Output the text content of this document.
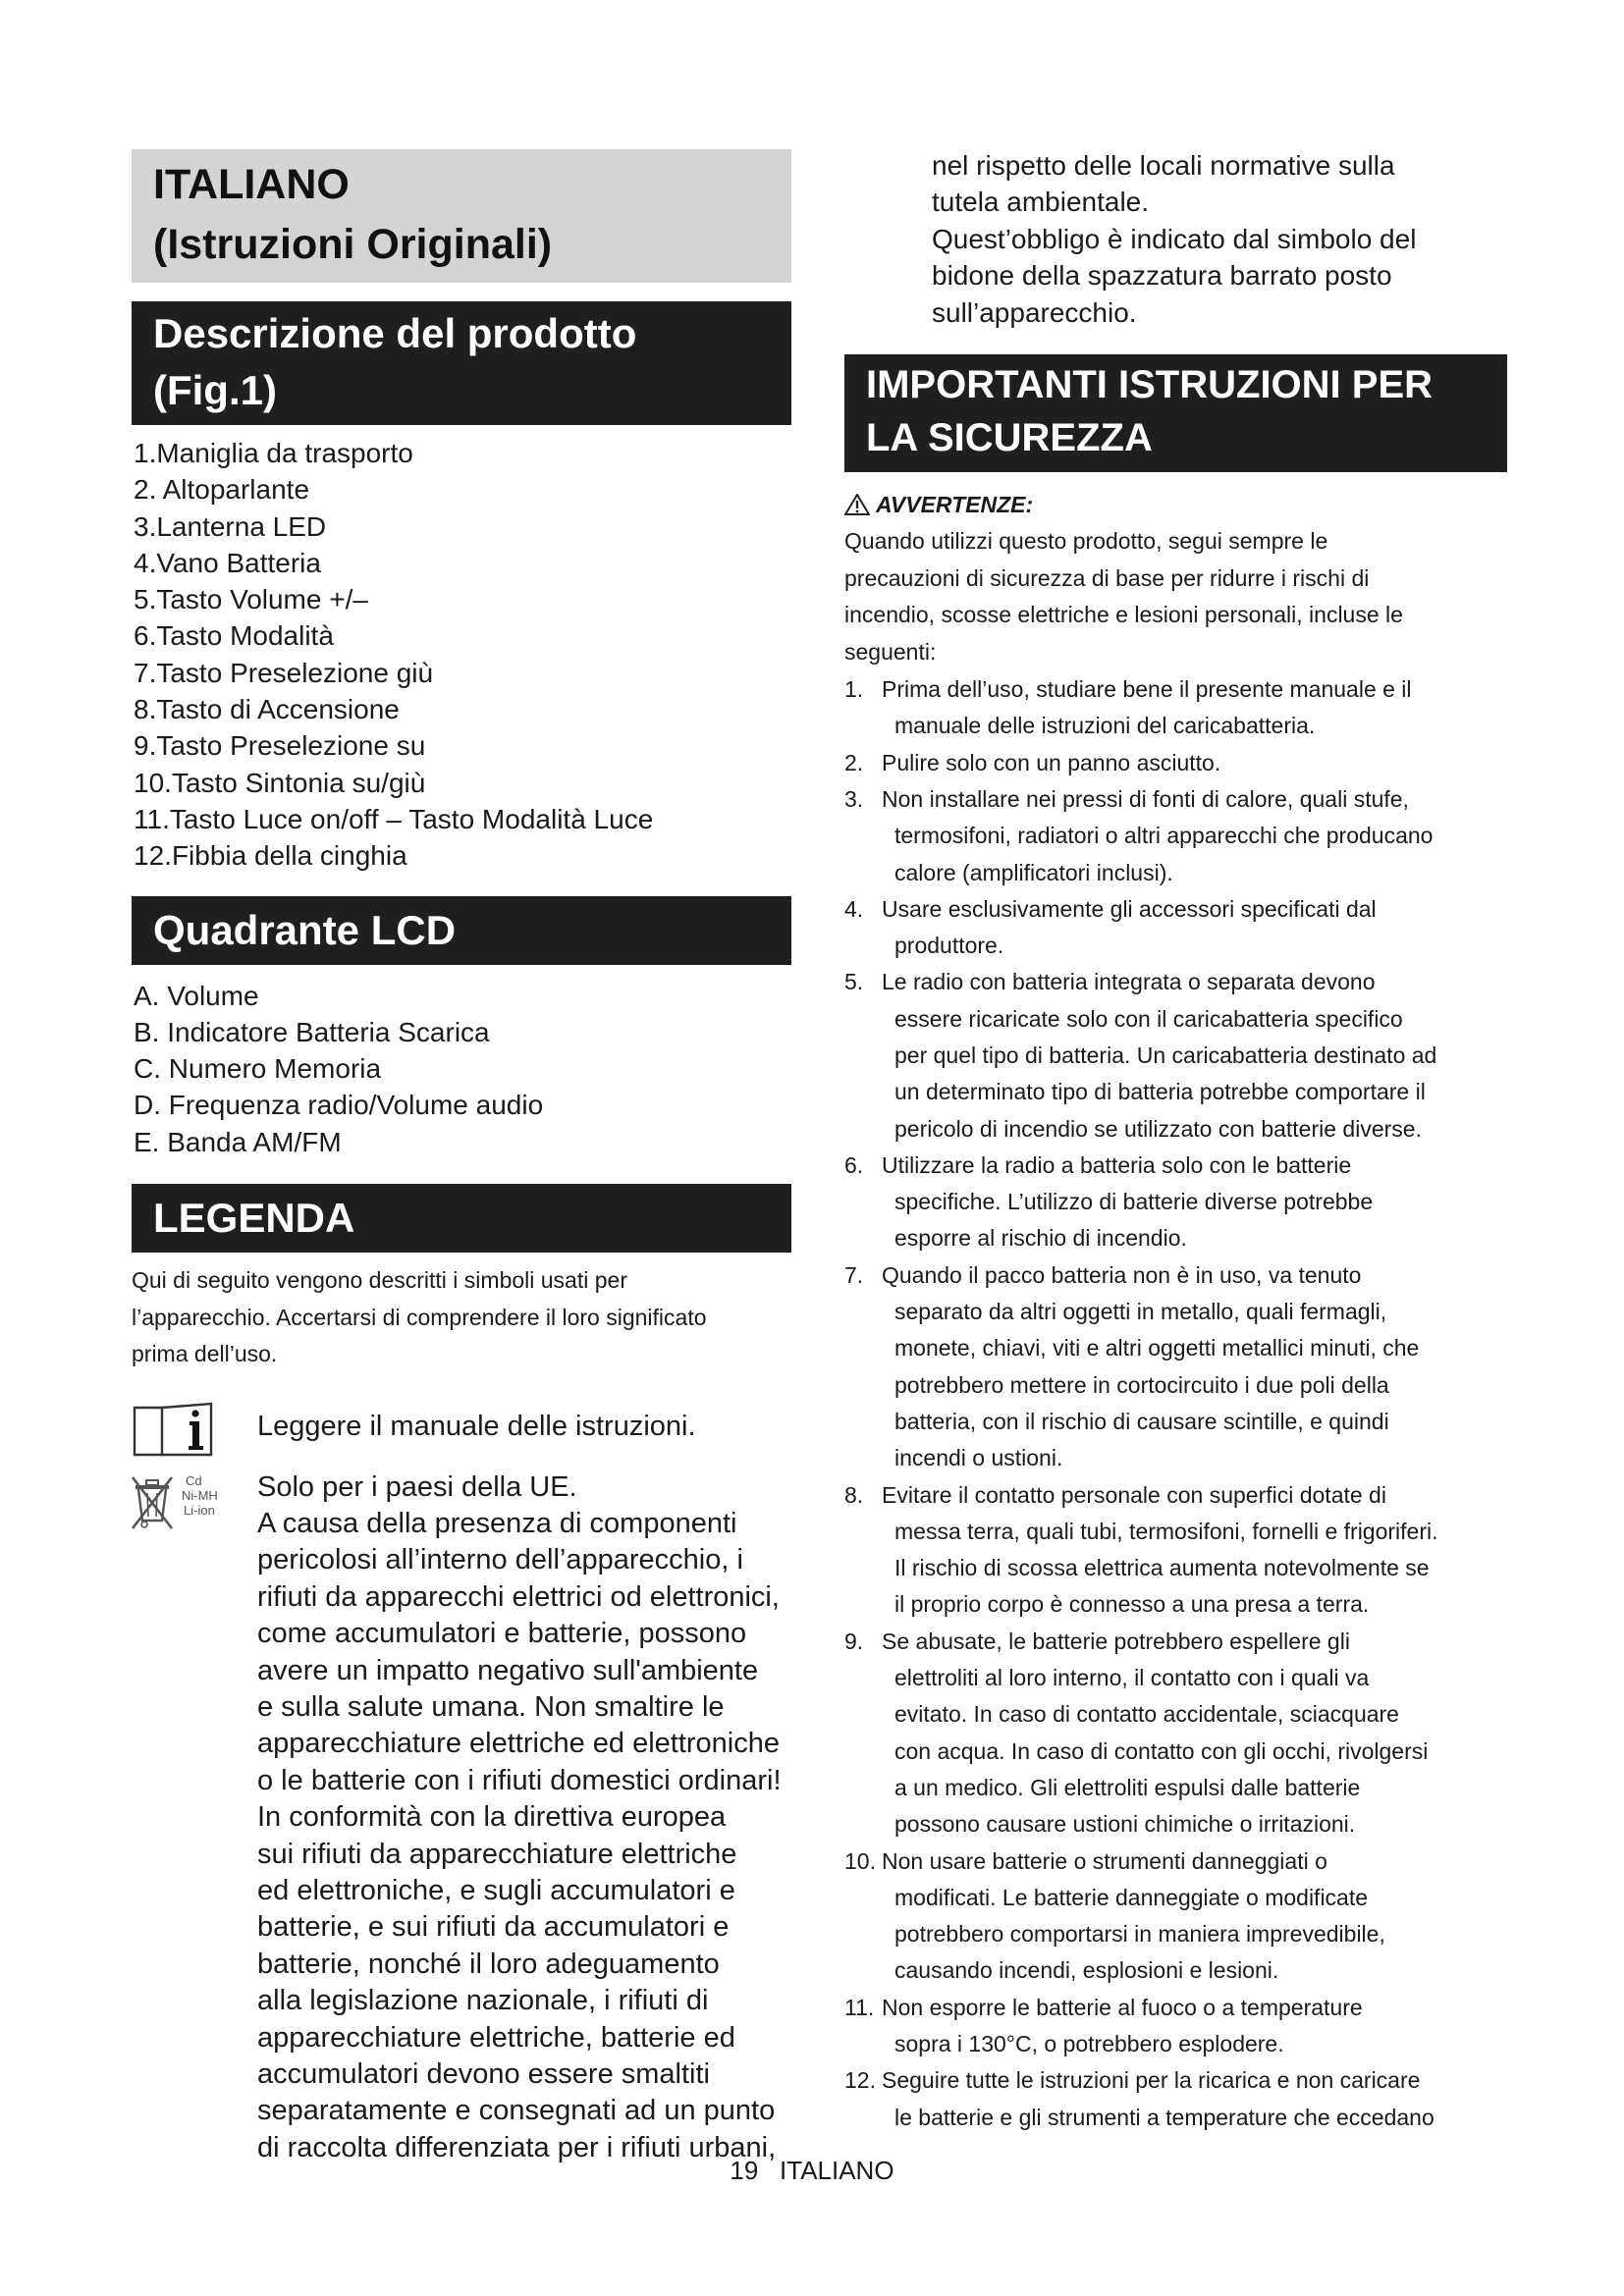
ITALIANO
(Istruzioni Originali)
Descrizione del prodotto
(Fig.1)
1.Maniglia da trasporto
2. Altoparlante
3.Lanterna LED
4.Vano Batteria
5.Tasto Volume +/–
6.Tasto Modalità
7.Tasto Preselezione giù
8.Tasto di Accensione
9.Tasto Preselezione su
10.Tasto Sintonia su/giù
11.Tasto Luce on/off – Tasto Modalità Luce
12.Fibbia della cinghia
Quadrante LCD
A. Volume
B. Indicatore Batteria Scarica
C. Numero Memoria
D. Frequenza radio/Volume audio
E. Banda AM/FM
LEGENDA

Qui di seguito vengono descritti i simboli usati per

l’apparecchio. Accertarsi di comprendere il loro significato

prima dell’uso.

Leggere il manuale delle istruzioni.
Cd
Ni-MH
Li-ion
Solo per i paesi della UE.
A causa della presenza di componenti
pericolosi all’interno dell’apparecchio, i
rifiuti da apparecchi elettrici od elettronici,
come accumulatori e batterie, possono
avere un impatto negativo sull'ambiente
e sulla salute umana. Non smaltire le
apparecchiature elettriche ed elettroniche
o le batterie con i rifiuti domestici ordinari!
In conformità con la direttiva europea
sui rifiuti da apparecchiature elettriche
ed elettroniche, e sugli accumulatori e
batterie, e sui rifiuti da accumulatori e
batterie, nonché il loro adeguamento
alla legislazione nazionale, i rifiuti di
apparecchiature elettriche, batterie ed
accumulatori devono essere smaltiti
separatamente e consegnati ad un punto
di raccolta differenziata per i rifiuti urbani,

nel rispetto delle locali normative sulla

tutela ambientale.

Quest’obbligo è indicato dal simbolo del

bidone della spazzatura barrato posto

sull’apparecchio.

IMPORTANTI ISTRUZIONI PER
LA SICUREZZA
AVVERTENZE:

Quando utilizzi questo prodotto, segui sempre le

precauzioni di sicurezza di base per ridurre i rischi di

incendio, scosse elettriche e lesioni personali, incluse le

seguenti:

1. Prima dell’uso, studiare bene il presente manuale e il
manuale delle istruzioni del caricabatteria.
2. Pulire solo con un panno asciutto.
3. Non installare nei pressi di fonti di calore, quali stufe,
termosifoni, radiatori o altri apparecchi che producano
calore (amplificatori inclusi).
4. Usare esclusivamente gli accessori specificati dal
produttore.
5. Le radio con batteria integrata o separata devono
essere ricaricate solo con il caricabatteria specifico
per quel tipo di batteria. Un caricabatteria destinato ad
un determinato tipo di batteria potrebbe comportare il
pericolo di incendio se utilizzato con batterie diverse.
6. Utilizzare la radio a batteria solo con le batterie
specifiche. L’utilizzo di batterie diverse potrebbe
esporre al rischio di incendio.
7. Quando il pacco batteria non è in uso, va tenuto
separato da altri oggetti in metallo, quali fermagli,
monete, chiavi, viti e altri oggetti metallici minuti, che
potrebbero mettere in cortocircuito i due poli della
batteria, con il rischio di causare scintille, e quindi
incendi o ustioni.
8. Evitare il contatto personale con superfici dotate di
messa terra, quali tubi, termosifoni, fornelli e frigoriferi.
Il rischio di scossa elettrica aumenta notevolmente se
il proprio corpo è connesso a una presa a terra.
9. Se abusate, le batterie potrebbero espellere gli
elettroliti al loro interno, il contatto con i quali va
evitato. In caso di contatto accidentale, sciacquare
con acqua. In caso di contatto con gli occhi, rivolgersi
a un medico. Gli elettroliti espulsi dalle batterie
possono causare ustioni chimiche o irritazioni.
10. Non usare batterie o strumenti danneggiati o
modificati. Le batterie danneggiate o modificate
potrebbero comportarsi in maniera imprevedibile,
causando incendi, esplosioni e lesioni.
11. Non esporre le batterie al fuoco o a temperature
sopra i 130°C, o potrebbero esplodere.
12. Seguire tutte le istruzioni per la ricarica e non caricare
le batterie e gli strumenti a temperature che eccedano
19 ITALIANO
